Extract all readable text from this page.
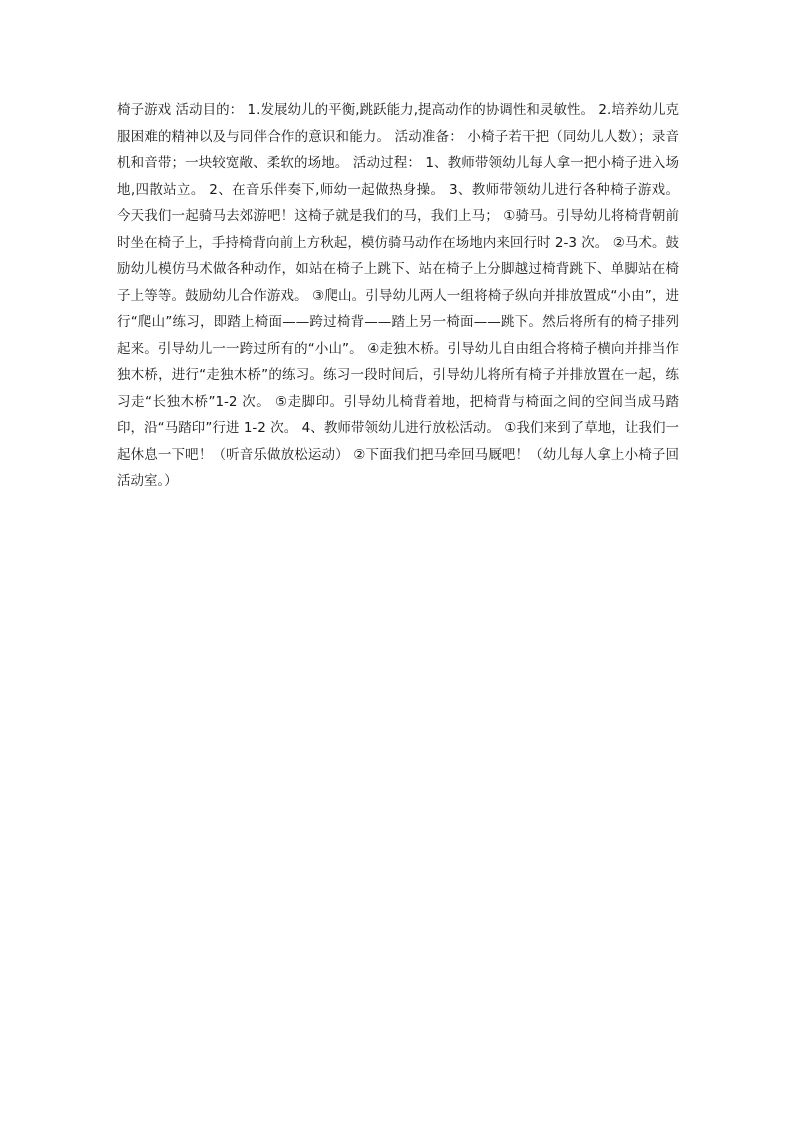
椅子游戏 活动目的： 1.发展幼儿的平衡,跳跃能力,提高动作的协调性和灵敏性。 2.培养幼儿克服困难的精神以及与同伴合作的意识和能力。 活动准备： 小椅子若干把（同幼儿人数）；录音机和音带；一块较宽敞、柔软的场地。 活动过程： 1、教师带领幼儿每人拿一把小椅子进入场地,四散站立。 2、在音乐伴奏下,师幼一起做热身操。 3、教师带领幼儿进行各种椅子游戏。 今天我们一起骑马去郊游吧！这椅子就是我们的马，我们上马； ①骑马。引导幼儿将椅背朝前时坐在椅子上，手持椅背向前上方秋起，模仿骑马动作在场地内来回行时 2-3 次。 ②马术。鼓励幼儿模仿马术做各种动作，如站在椅子上跳下、站在椅子上分脚越过椅背跳下、单脚站在椅子上等等。鼓励幼儿合作游戏。 ③爬山。引导幼儿两人一组将椅子纵向并排放置成“小由”，进行“爬山”练习，即踏上椅面——跨过椅背——踏上另一椅面——跳下。然后将所有的椅子排列起来。引导幼儿一一跨过所有的“小山”。 ④走独木桥。引导幼儿自由组合将椅子横向并排当作独木桥，进行“走独木桥”的练习。练习一段时间后，引导幼儿将所有椅子并排放置在一起，练习走“长独木桥”1-2 次。 ⑤走脚印。引导幼儿椅背着地，把椅背与椅面之间的空间当成马踏印，沿“马踏印”行进 1-2 次。 4、教师带领幼儿进行放松活动。 ①我们来到了草地，让我们一起休息一下吧！（听音乐做放松运动） ②下面我们把马牵回马厩吧！（幼儿每人拿上小椅子回活动室。）
